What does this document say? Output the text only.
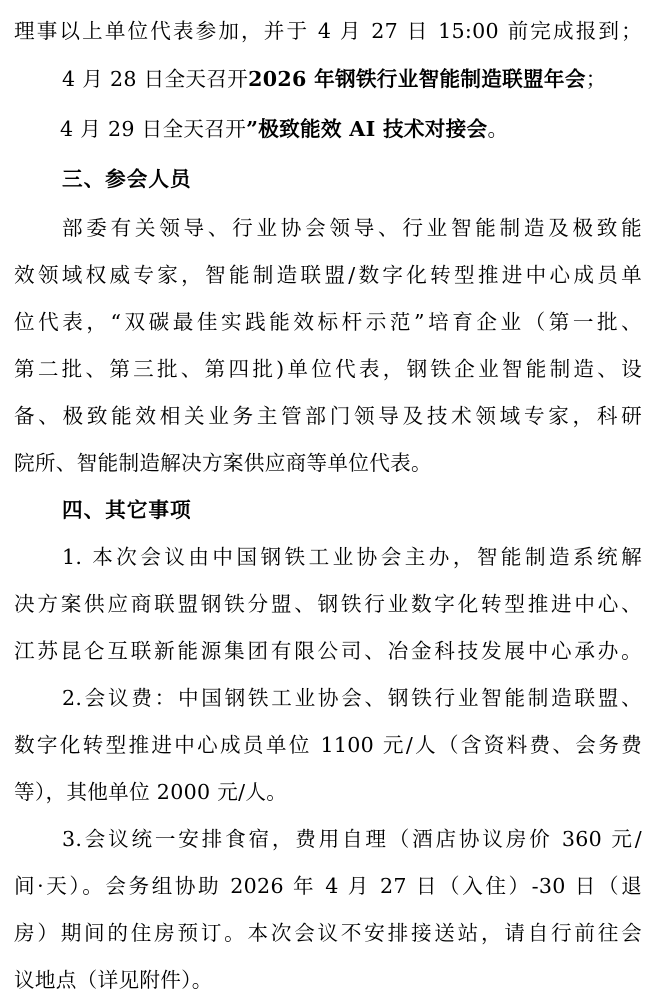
理事以上单位代表参加，并于 4 月 27 日 15:00 前完成报到；
4 月 28 日全天召开2026 年钢铁行业智能制造联盟年会；
4 月 29 日全天召开”极致能效 AI 技术对接会。
三、参会人员
部委有关领导、行业协会领导、行业智能制造及极致能
效领域权威专家，智能制造联盟/数字化转型推进中心成员单
位代表，“双碳最佳实践能效标杆示范”培育企业（第一批、
第二批、第三批、第四批)单位代表，钢铁企业智能制造、设
备、极致能效相关业务主管部门领导及技术领域专家，科研
院所、智能制造解决方案供应商等单位代表。
四、其它事项
1. 本次会议由中国钢铁工业协会主办，智能制造系统解
决方案供应商联盟钢铁分盟、钢铁行业数字化转型推进中心、
江苏昆仑互联新能源集团有限公司、冶金科技发展中心承办。
2.会议费：中国钢铁工业协会、钢铁行业智能制造联盟、
数字化转型推进中心成员单位 1100 元/人（含资料费、会务费
等），其他单位 2000 元/人。
3.会议统一安排食宿，费用自理（酒店协议房价 360 元/
间·天）。会务组协助 2026 年 4 月 27 日（入住）-30 日（退
房）期间的住房预订。本次会议不安排接送站，请自行前往会
议地点（详见附件）。
